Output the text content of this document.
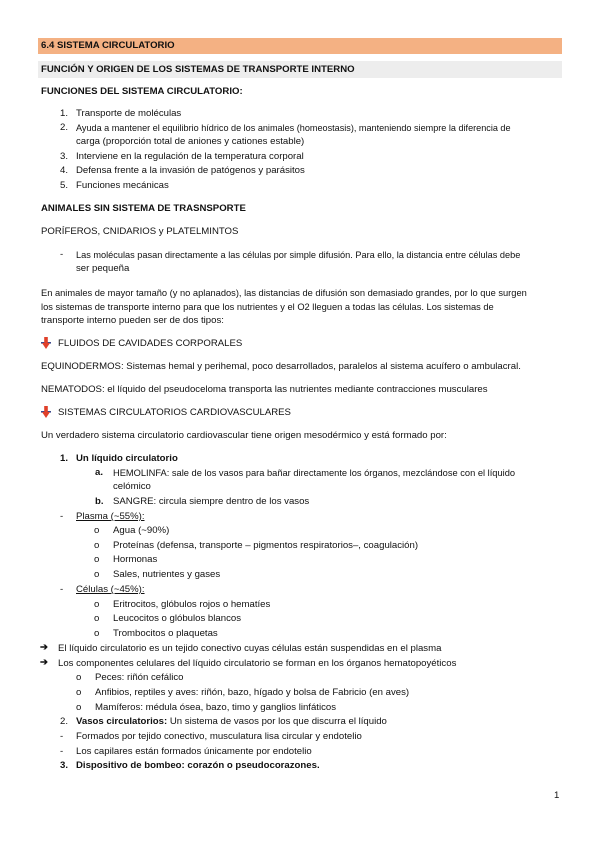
6.4 SISTEMA CIRCULATORIO
FUNCIÓN Y ORIGEN DE LOS SISTEMAS DE TRANSPORTE INTERNO
FUNCIONES DEL SISTEMA CIRCULATORIO:
1. Transporte de moléculas
2. Ayuda a mantener el equilibrio hídrico de los animales (homeostasis), manteniendo siempre la diferencia de
carga (proporción total de aniones y cationes estable)
3. Interviene en la regulación de la temperatura corporal
4. Defensa frente a la invasión de patógenos y parásitos
5. Funciones mecánicas
ANIMALES SIN SISTEMA DE TRASNSPORTE
PORÍFEROS, CNIDARIOS y PLATELMINTOS
- Las moléculas pasan directamente a las células por simple difusión. Para ello, la distancia entre células debe
ser pequeña
En animales de mayor tamaño (y no aplanados), las distancias de difusión son demasiado grandes, por lo que surgen
los sistemas de transporte interno para que los nutrientes y el O2 lleguen a todas las células. Los sistemas de
transporte interno pueden ser de dos tipos:
FLUIDOS DE CAVIDADES CORPORALES
EQUINODERMOS: Sistemas hemal y perihemal, poco desarrollados, paralelos al sistema acuífero o ambulacral.
NEMATODOS: el líquido del pseudoceloma transporta las nutrientes mediante contracciones musculares
SISTEMAS CIRCULATORIOS CARDIOVASCULARES
Un verdadero sistema circulatorio cardiovascular tiene origen mesodérmico y está formado por:
1. Un líquido circulatorio
a. HEMOLINFA: sale de los vasos para bañar directamente los órganos, mezclándose con el líquido
celómico
b. SANGRE: circula siempre dentro de los vasos
- Plasma (~55%):
o Agua (~90%)
o Proteínas (defensa, transporte – pigmentos respiratorios–, coagulación)
o Hormonas
o Sales, nutrientes y gases
- Células (~45%):
o Eritrocitos, glóbulos rojos o hematíes
o Leucocitos o glóbulos blancos
o Trombocitos o plaquetas
➔ El líquido circulatorio es un tejido conectivo cuyas células están suspendidas en el plasma
➔ Los componentes celulares del líquido circulatorio se forman en los órganos hematopoyéticos
o Peces: riñón cefálico
o Anfibios, reptiles y aves: riñón, bazo, hígado y bolsa de Fabricio (en aves)
o Mamíferos: médula ósea, bazo, timo y ganglios linfáticos
2. Vasos circulatorios: Un sistema de vasos por los que discurra el líquido
- Formados por tejido conectivo, musculatura lisa circular y endotelio
- Los capilares están formados únicamente por endotelio
3. Dispositivo de bombeo: corazón o pseudocorazones.
1
